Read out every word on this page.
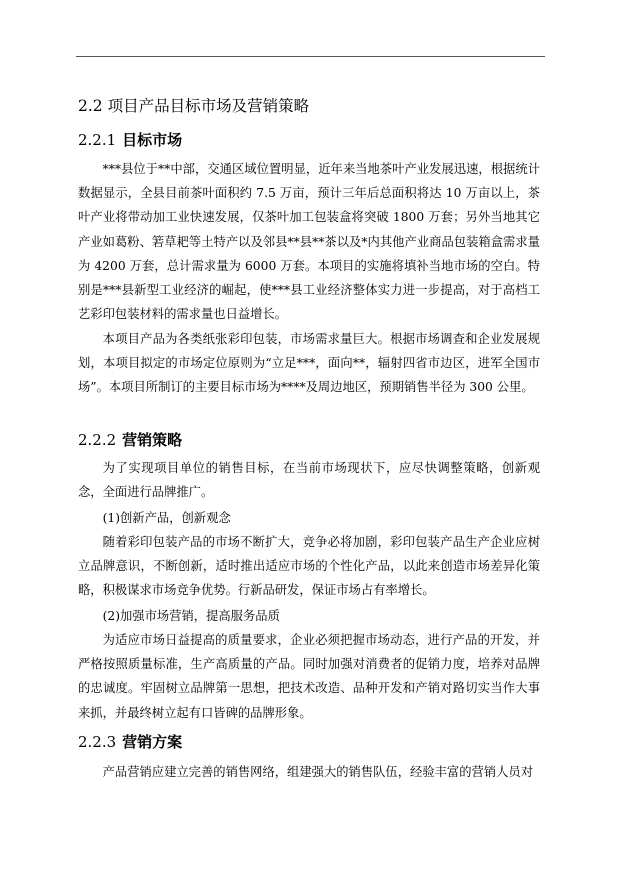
2.2 项目产品目标市场及营销策略
2.2.1 目标市场

***县位于**中部，交通区域位置明显，近年来当地茶叶产业发展迅速，根据统计数据显示，全县目前茶叶面积约 7.5 万亩，预计三年后总面积将达 10 万亩以上，茶叶产业将带动加工业快速发展，仅茶叶加工包装盒将突破 1800 万套；另外当地其它产业如葛粉、箬草耙等土特产以及邻县**县**茶以及*内其他产业商品包装箱盒需求量为 4200 万套，总计需求量为 6000 万套。本项目的实施将填补当地市场的空白。特别是***县新型工业经济的崛起，使***县工业经济整体实力进一步提高，对于高档工艺彩印包装材料的需求量也日益增长。

本项目产品为各类纸张彩印包装，市场需求量巨大。根据市场调查和企业发展规划，本项目拟定的市场定位原则为“立足***，面向**，辐射四省市边区，进军全国市场”。本项目所制订的主要目标市场为****及周边地区，预期销售半径为 300 公里。

2.2.2 营销策略

为了实现项目单位的销售目标，在当前市场现状下，应尽快调整策略，创新观念，全面进行品牌推广。

(1)创新产品，创新观念

随着彩印包装产品的市场不断扩大，竞争必将加剧，彩印包装产品生产企业应树立品牌意识，不断创新，适时推出适应市场的个性化产品，以此来创造市场差异化策略，积极谋求市场竞争优势。行新品研发，保证市场占有率增长。

(2)加强市场营销，提高服务品质

为适应市场日益提高的质量要求，企业必须把握市场动态，进行产品的开发，并严格按照质量标准，生产高质量的产品。同时加强对消费者的促销力度，培养对品牌的忠诚度。牢固树立品牌第一思想，把技术改造、品种开发和产销对路切实当作大事来抓，并最终树立起有口皆碑的品牌形象。

2.2.3 营销方案

产品营销应建立完善的销售网络，组建强大的销售队伍，经验丰富的营销人员对
